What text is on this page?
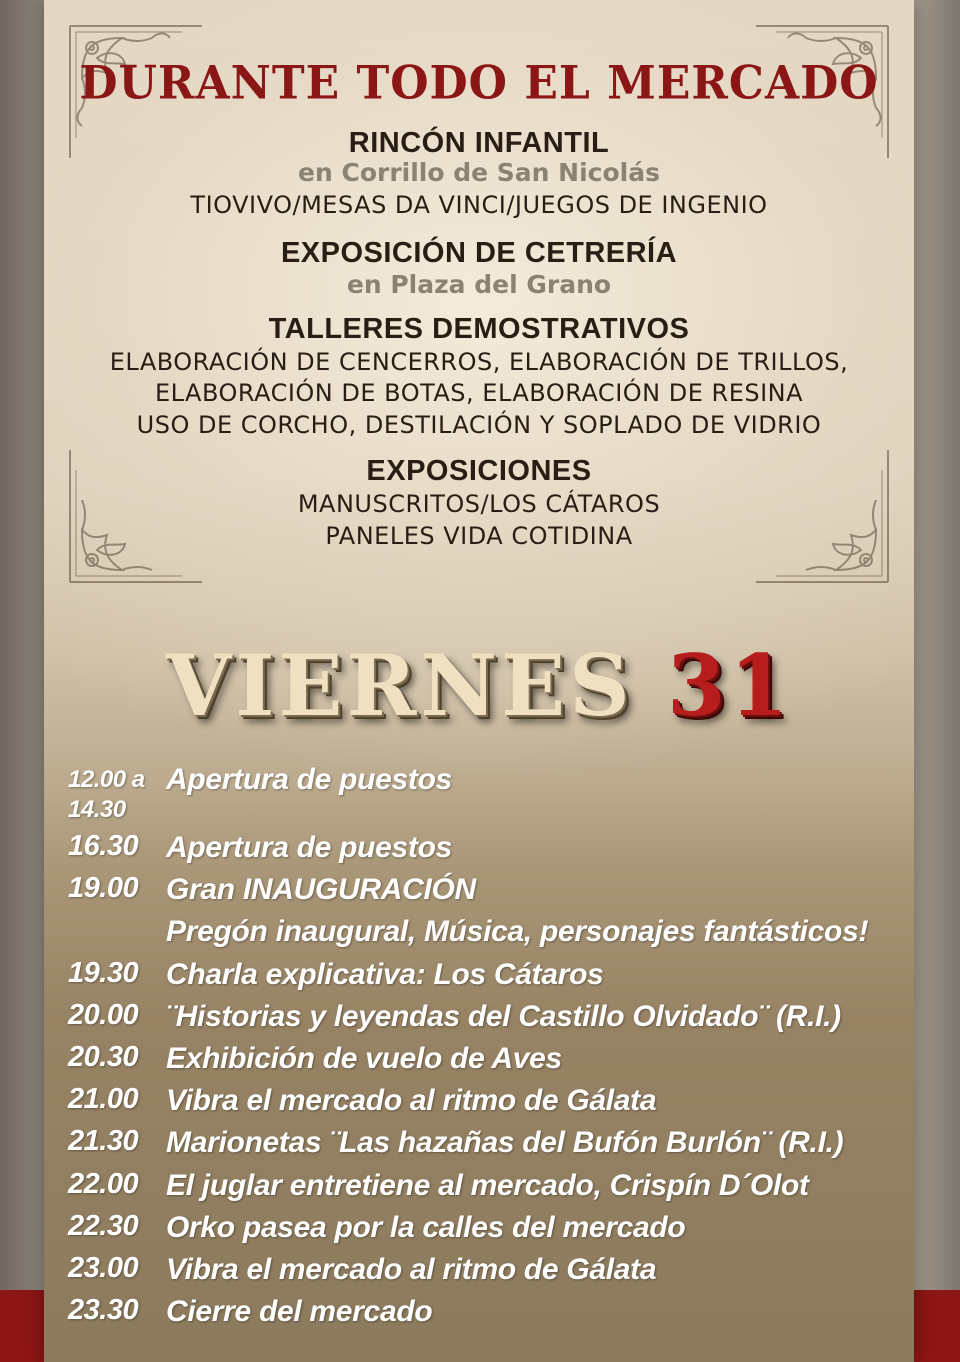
DURANTE TODO EL MERCADO
RINCÓN INFANTIL
en Corrillo de San Nicolás
TIOVIVO/MESAS DA VINCI/JUEGOS DE INGENIO
EXPOSICIÓN DE CETRERÍA
en Plaza del Grano
TALLERES DEMOSTRATIVOS
ELABORACIÓN DE CENCERROS, ELABORACIÓN DE TRILLOS,
ELABORACIÓN DE BOTAS, ELABORACIÓN DE RESINA
USO DE CORCHO, DESTILACIÓN Y SOPLADO DE VIDRIO
EXPOSICIONES
MANUSCRITOS/LOS CÁTAROS
PANELES VIDA COTIDINA
VIERNES 31
12.00 a 14.30
Apertura de puestos
16.30 Apertura de puestos
19.00 Gran INAUGURACIÓN
Pregón inaugural, Música, personajes fantásticos!
19.30 Charla explicativa: Los Cátaros
20.00 ¨Historias y leyendas del Castillo Olvidado¨ (R.I.)
20.30 Exhibición de vuelo de Aves
21.00 Vibra el mercado al ritmo de Gálata
21.30 Marionetas ¨Las hazañas del Bufón Burlón¨ (R.I.)
22.00 El juglar entretiene al mercado, Crispín D´Olot
22.30 Orko pasea por la calles del mercado
23.00 Vibra el mercado al ritmo de Gálata
23.30 Cierre del mercado
